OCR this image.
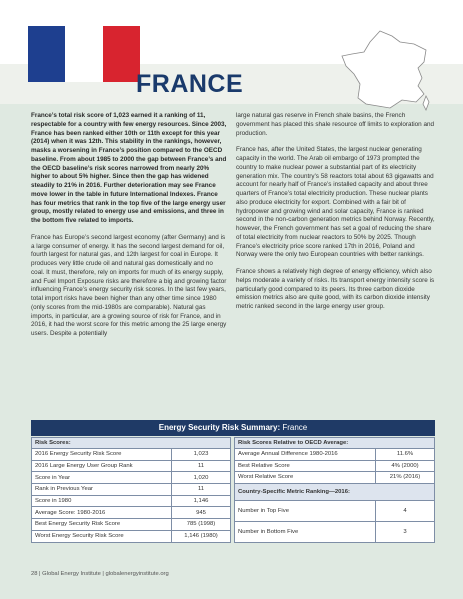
FRANCE

France’s total risk score of 1,023 earned it a ranking of 11, respectable for a country with few energy resources. Since 2003, France has been ranked either 10th or 11th except for this year (2014) when it was 12th. This stability in the rankings, however, masks a worsening in France’s position compared to the OECD baseline. From about 1985 to 2000 the gap between France’s and the OECD baseline’s risk scores narrowed from nearly 20% higher to about 5% higher. Since then the gap has widened steadily to 21% in 2016. Further deterioration may see France move lower in the table in future International Indexes. France has four metrics that rank in the top five of the large energy user group, mostly related to energy use and emissions, and three in the bottom five related to imports.

France has Europe’s second largest economy (after Germany) and is a large consumer of energy. It has the second largest demand for oil, fourth largest for natural gas, and 12th largest for coal in Europe. It produces very little crude oil and natural gas domestically and no coal. It must, therefore, rely on imports for much of its energy supply, and Fuel Import Exposure risks are therefore a big and growing factor influencing France’s energy security risk scores. In the last few years, total import risks have been higher than any other time since 1980 (only scores from the mid-1980s are comparable). Natural gas imports, in particular, are a growing source of risk for France, and in 2016, it had the worst score for this metric among the 25 large energy users. Despite a potentially

large natural gas reserve in French shale basins, the French government has placed this shale resource off limits to exploration and production.

France has, after the United States, the largest nuclear generating capacity in the world. The Arab oil embargo of 1973 prompted the country to make nuclear power a substantial part of its electricity generation mix. The country’s 58 reactors total about 63 gigawatts and account for nearly half of France’s installed capacity and about three quarters of France’s total electricity production. These nuclear plants also produce electricity for export. Combined with a fair bit of hydropower and growing wind and solar capacity, France is ranked second in the non-carbon generation metrics behind Norway. Recently, however, the French government has set a goal of reducing the share of total electricity from nuclear reactors to 50% by 2025. Though France’s electricity price score ranked 17th in 2016, Poland and Norway were the only two European countries with better rankings.

France shows a relatively high degree of energy efficiency, which also helps moderate a variety of risks. Its transport energy intensity score is particularly good compared to its peers. Its three carbon dioxide emission metrics also are quite good, with its carbon dioxide intensity metric ranked second in the large energy user group.

Energy Security Risk Summary: France
Risk Scores:	
2016 Energy Security Risk Score	1,023
2016 Large Energy User Group Rank	11
Score in Year	1,020
Rank in Previous Year	11
Score in 1980	1,146
Average Score: 1980-2016	945
Best Energy Security Risk Score	785 (1998)
Worst Energy Security Risk Score	1,146 (1980)
Risk Scores Relative to OECD Average:	
Average Annual Difference 1980-2016	11.6%
Best Relative Score	4% (2000)
Worst Relative Score	21% (2016)
Country-Specific Metric Ranking—2016:	
Number in Top Five	4
Number in Bottom Five	3
28 | Global Energy Institute | globalenergyinstitute.org
